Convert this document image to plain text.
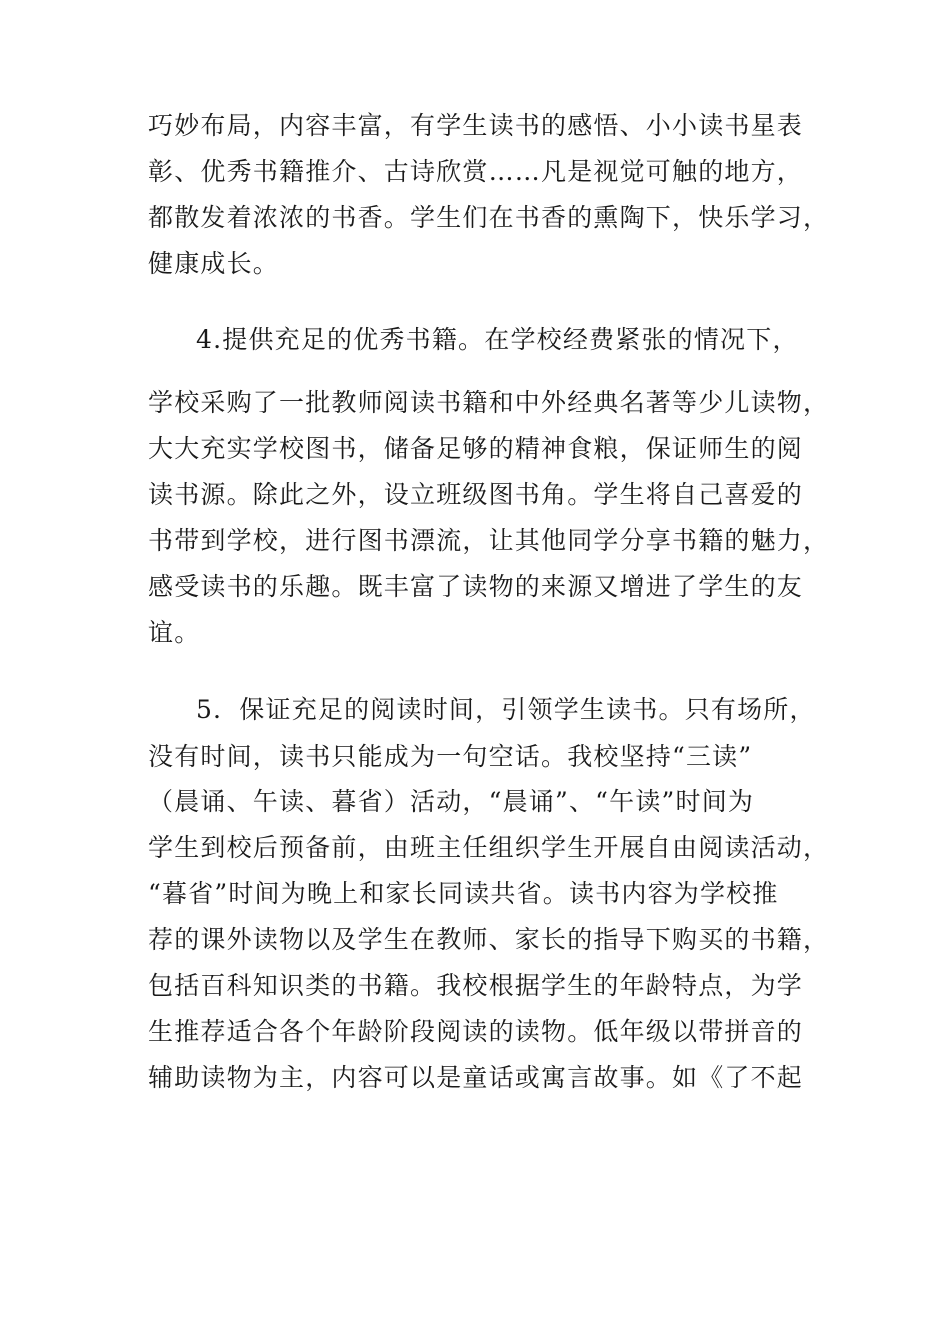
巧妙布局，内容丰富，有学生读书的感悟、小小读书星表
彰、优秀书籍推介、古诗欣赏……凡是视觉可触的地方，
都散发着浓浓的书香。学生们在书香的熏陶下，快乐学习，
健康成长。
4.提供充足的优秀书籍。在学校经费紧张的情况下，
学校采购了一批教师阅读书籍和中外经典名著等少儿读物，
大大充实学校图书，储备足够的精神食粮，保证师生的阅
读书源。除此之外，设立班级图书角。学生将自己喜爱的
书带到学校，进行图书漂流，让其他同学分享书籍的魅力，
感受读书的乐趣。既丰富了读物的来源又增进了学生的友
谊。
5．保证充足的阅读时间，引领学生读书。只有场所，
没有时间，读书只能成为一句空话。我校坚持“三读”
（晨诵、午读、暮省）活动，“晨诵”、“午读”时间为
学生到校后预备前，由班主任组织学生开展自由阅读活动，
“暮省”时间为晚上和家长同读共省。读书内容为学校推
荐的课外读物以及学生在教师、家长的指导下购买的书籍，
包括百科知识类的书籍。我校根据学生的年龄特点，为学
生推荐适合各个年龄阶段阅读的读物。低年级以带拼音的
辅助读物为主，内容可以是童话或寓言故事。如《了不起
